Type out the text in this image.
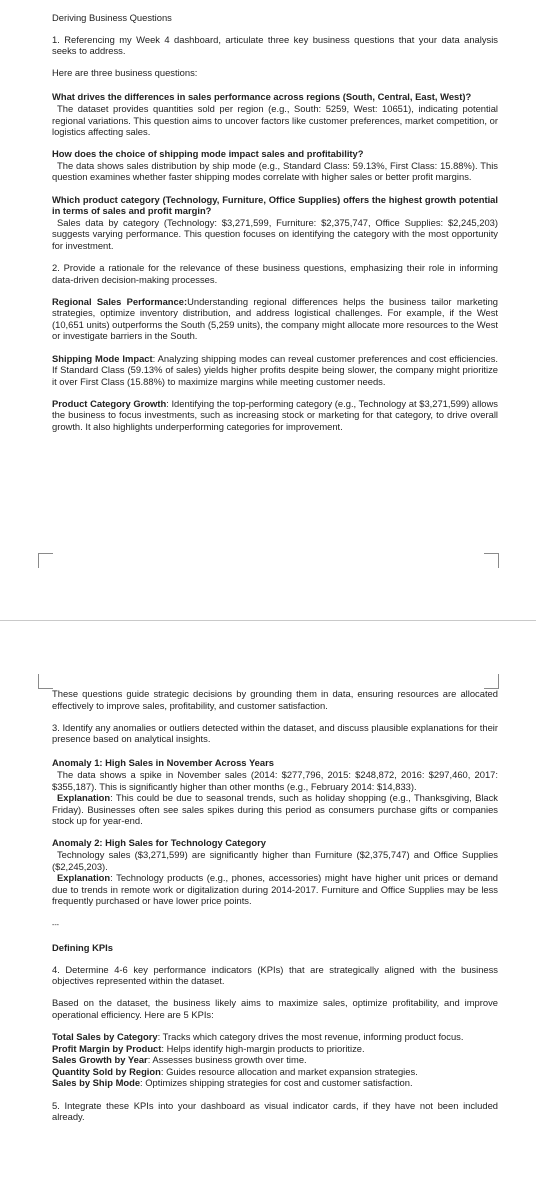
Deriving Business Questions

1. Referencing my Week 4 dashboard, articulate three key business questions that your data analysis seeks to address.

Here are three business questions:

What drives the differences in sales performance across regions (South, Central, East, West)?

The dataset provides quantities sold per region (e.g., South: 5259, West: 10651), indicating potential regional variations. This question aims to uncover factors like customer preferences, market competition, or logistics affecting sales.

How does the choice of shipping mode impact sales and profitability?

The data shows sales distribution by ship mode (e.g., Standard Class: 59.13%, First Class: 15.88%). This question examines whether faster shipping modes correlate with higher sales or better profit margins.

Which product category (Technology, Furniture, Office Supplies) offers the highest growth potential in terms of sales and profit margin?

Sales data by category (Technology: $3,271,599, Furniture: $2,375,747, Office Supplies: $2,245,203) suggests varying performance. This question focuses on identifying the category with the most opportunity for investment.

2. Provide a rationale for the relevance of these business questions, emphasizing their role in informing data-driven decision-making processes.

Regional Sales Performance:Understanding regional differences helps the business tailor marketing strategies, optimize inventory distribution, and address logistical challenges. For example, if the West (10,651 units) outperforms the South (5,259 units), the company might allocate more resources to the West or investigate barriers in the South.

Shipping Mode Impact: Analyzing shipping modes can reveal customer preferences and cost efficiencies. If Standard Class (59.13% of sales) yields higher profits despite being slower, the company might prioritize it over First Class (15.88%) to maximize margins while meeting customer needs.

Product Category Growth: Identifying the top-performing category (e.g., Technology at $3,271,599) allows the business to focus investments, such as increasing stock or marketing for that category, to drive overall growth. It also highlights underperforming categories for improvement.

These questions guide strategic decisions by grounding them in data, ensuring resources are allocated effectively to improve sales, profitability, and customer satisfaction.

3. Identify any anomalies or outliers detected within the dataset, and discuss plausible explanations for their presence based on analytical insights.

Anomaly 1: High Sales in November Across Years

The data shows a spike in November sales (2014: $277,796, 2015: $248,872, 2016: $297,460, 2017: $355,187). This is significantly higher than other months (e.g., February 2014: $14,833).

Explanation: This could be due to seasonal trends, such as holiday shopping (e.g., Thanksgiving, Black Friday). Businesses often see sales spikes during this period as consumers purchase gifts or companies stock up for year-end.

Anomaly 2: High Sales for Technology Category

Technology sales ($3,271,599) are significantly higher than Furniture ($2,375,747) and Office Supplies ($2,245,203).

Explanation: Technology products (e.g., phones, accessories) might have higher unit prices or demand due to trends in remote work or digitalization during 2014-2017. Furniture and Office Supplies may be less frequently purchased or have lower price points.

---

Defining KPIs

4. Determine 4-6 key performance indicators (KPIs) that are strategically aligned with the business objectives represented within the dataset.

Based on the dataset, the business likely aims to maximize sales, optimize profitability, and improve operational efficiency. Here are 5 KPIs:

Total Sales by Category: Tracks which category drives the most revenue, informing product focus.

Profit Margin by Product: Helps identify high-margin products to prioritize.

Sales Growth by Year: Assesses business growth over time.

Quantity Sold by Region: Guides resource allocation and market expansion strategies.

Sales by Ship Mode: Optimizes shipping strategies for cost and customer satisfaction.

5. Integrate these KPIs into your dashboard as visual indicator cards, if they have not been included already.
